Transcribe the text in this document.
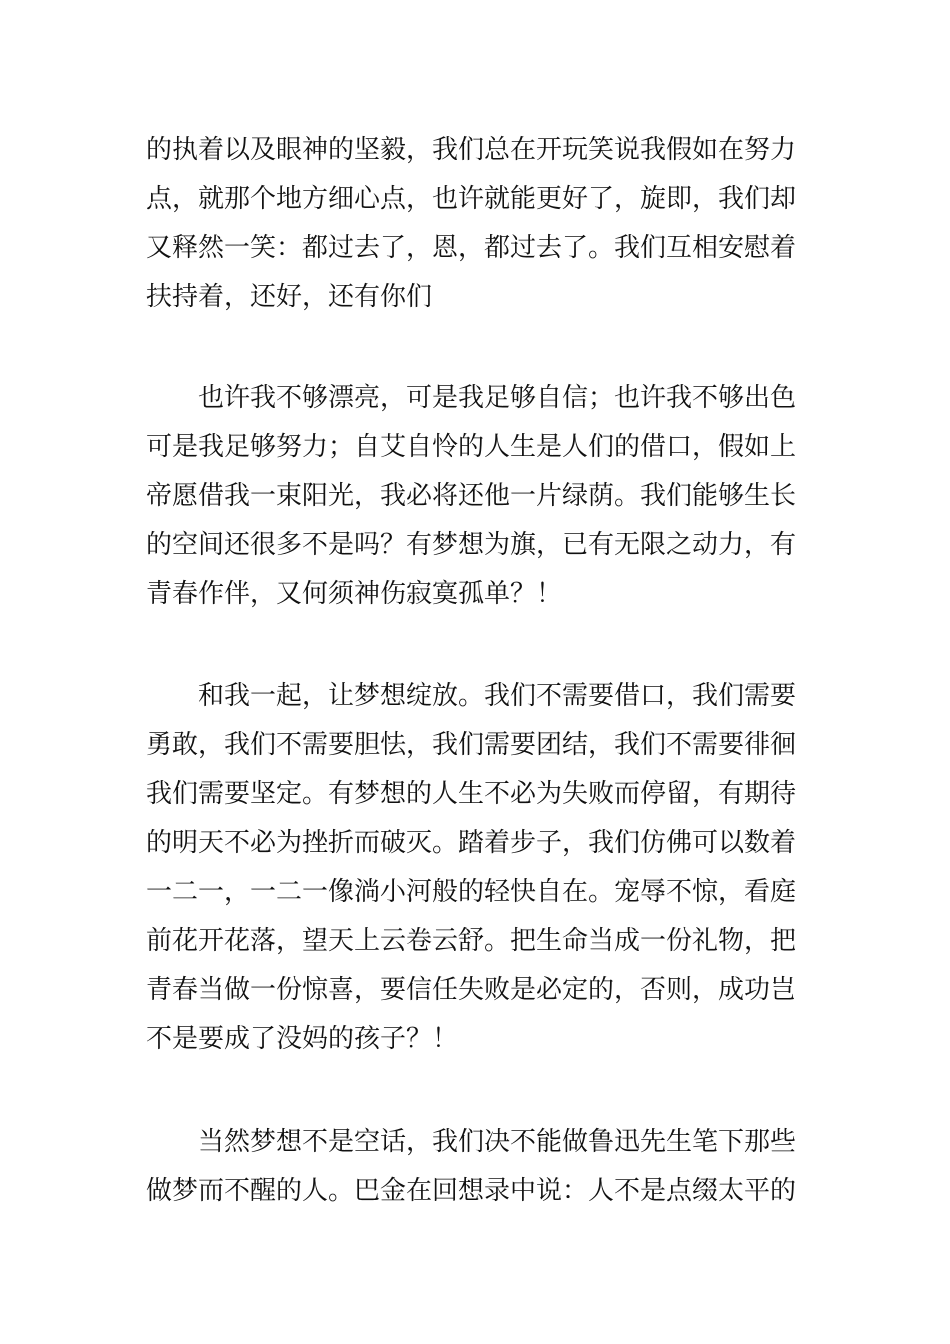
的执着以及眼神的坚毅，我们总在开玩笑说我假如在努力
点，就那个地方细心点，也许就能更好了，旋即，我们却
又释然一笑：都过去了，恩，都过去了。我们互相安慰着
扶持着，还好，还有你们

也许我不够漂亮，可是我足够自信；也许我不够出色
可是我足够努力；自艾自怜的人生是人们的借口，假如上
帝愿借我一束阳光，我必将还他一片绿荫。我们能够生长
的空间还很多不是吗？有梦想为旗，已有无限之动力，有
青春作伴，又何须神伤寂寞孤单？！

和我一起，让梦想绽放。我们不需要借口，我们需要
勇敢，我们不需要胆怯，我们需要团结，我们不需要徘徊
我们需要坚定。有梦想的人生不必为失败而停留，有期待
的明天不必为挫折而破灭。踏着步子，我们仿佛可以数着
一二一，一二一像淌小河般的轻快自在。宠辱不惊，看庭
前花开花落，望天上云卷云舒。把生命当成一份礼物，把
青春当做一份惊喜，要信任失败是必定的，否则，成功岂
不是要成了没妈的孩子？！

当然梦想不是空话，我们决不能做鲁迅先生笔下那些
做梦而不醒的人。巴金在回想录中说：人不是点缀太平的
